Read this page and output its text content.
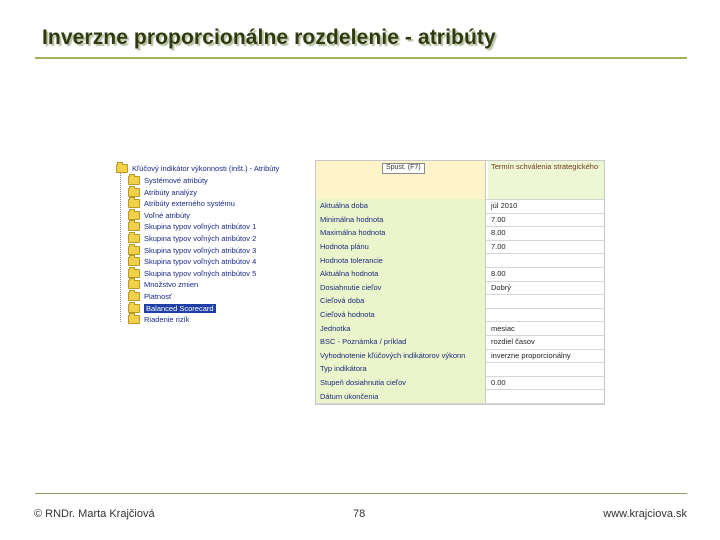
Inverzne proporcionálne rozdelenie - atribúty
Kľúčový indikátor výkonnosti (inšt.) - Atribúty
Systémové atribúty
Atribúty analýzy
Atribúty externého systému
Voľné atribúty
Skupina typov voľných atribútov 1
Skupina typov voľných atribútov 2
Skupina typov voľných atribútov 3
Skupina typov voľných atribútov 4
Skupina typov voľných atribútov 5
Množstvo zmien
Platnosť
Balanced Scorecard
Riadenie rizík
Spust. (F7)	Termín schválenia strategického
Aktuálna doba	júl 2010
Minimálna hodnota	7.00
Maximálna hodnota	8.00
Hodnota plánu	7.00
Hodnota tolerancie
Aktuálna hodnota	8.00
Dosiahnutie cieľov	Dobrý
Cieľová doba
Cieľová hodnota
Jednotka	mesiac
BSC - Poznámka / príklad	rozdiel časov
Vyhodnotenie kľúčových indikátorov výkonn	inverzne proporcionálny
Typ indikátora
Stupeň dosiahnutia cieľov	0.00
Dátum ukončenia
© RNDr. Marta Krajčiová	78	www.krajciova.sk
